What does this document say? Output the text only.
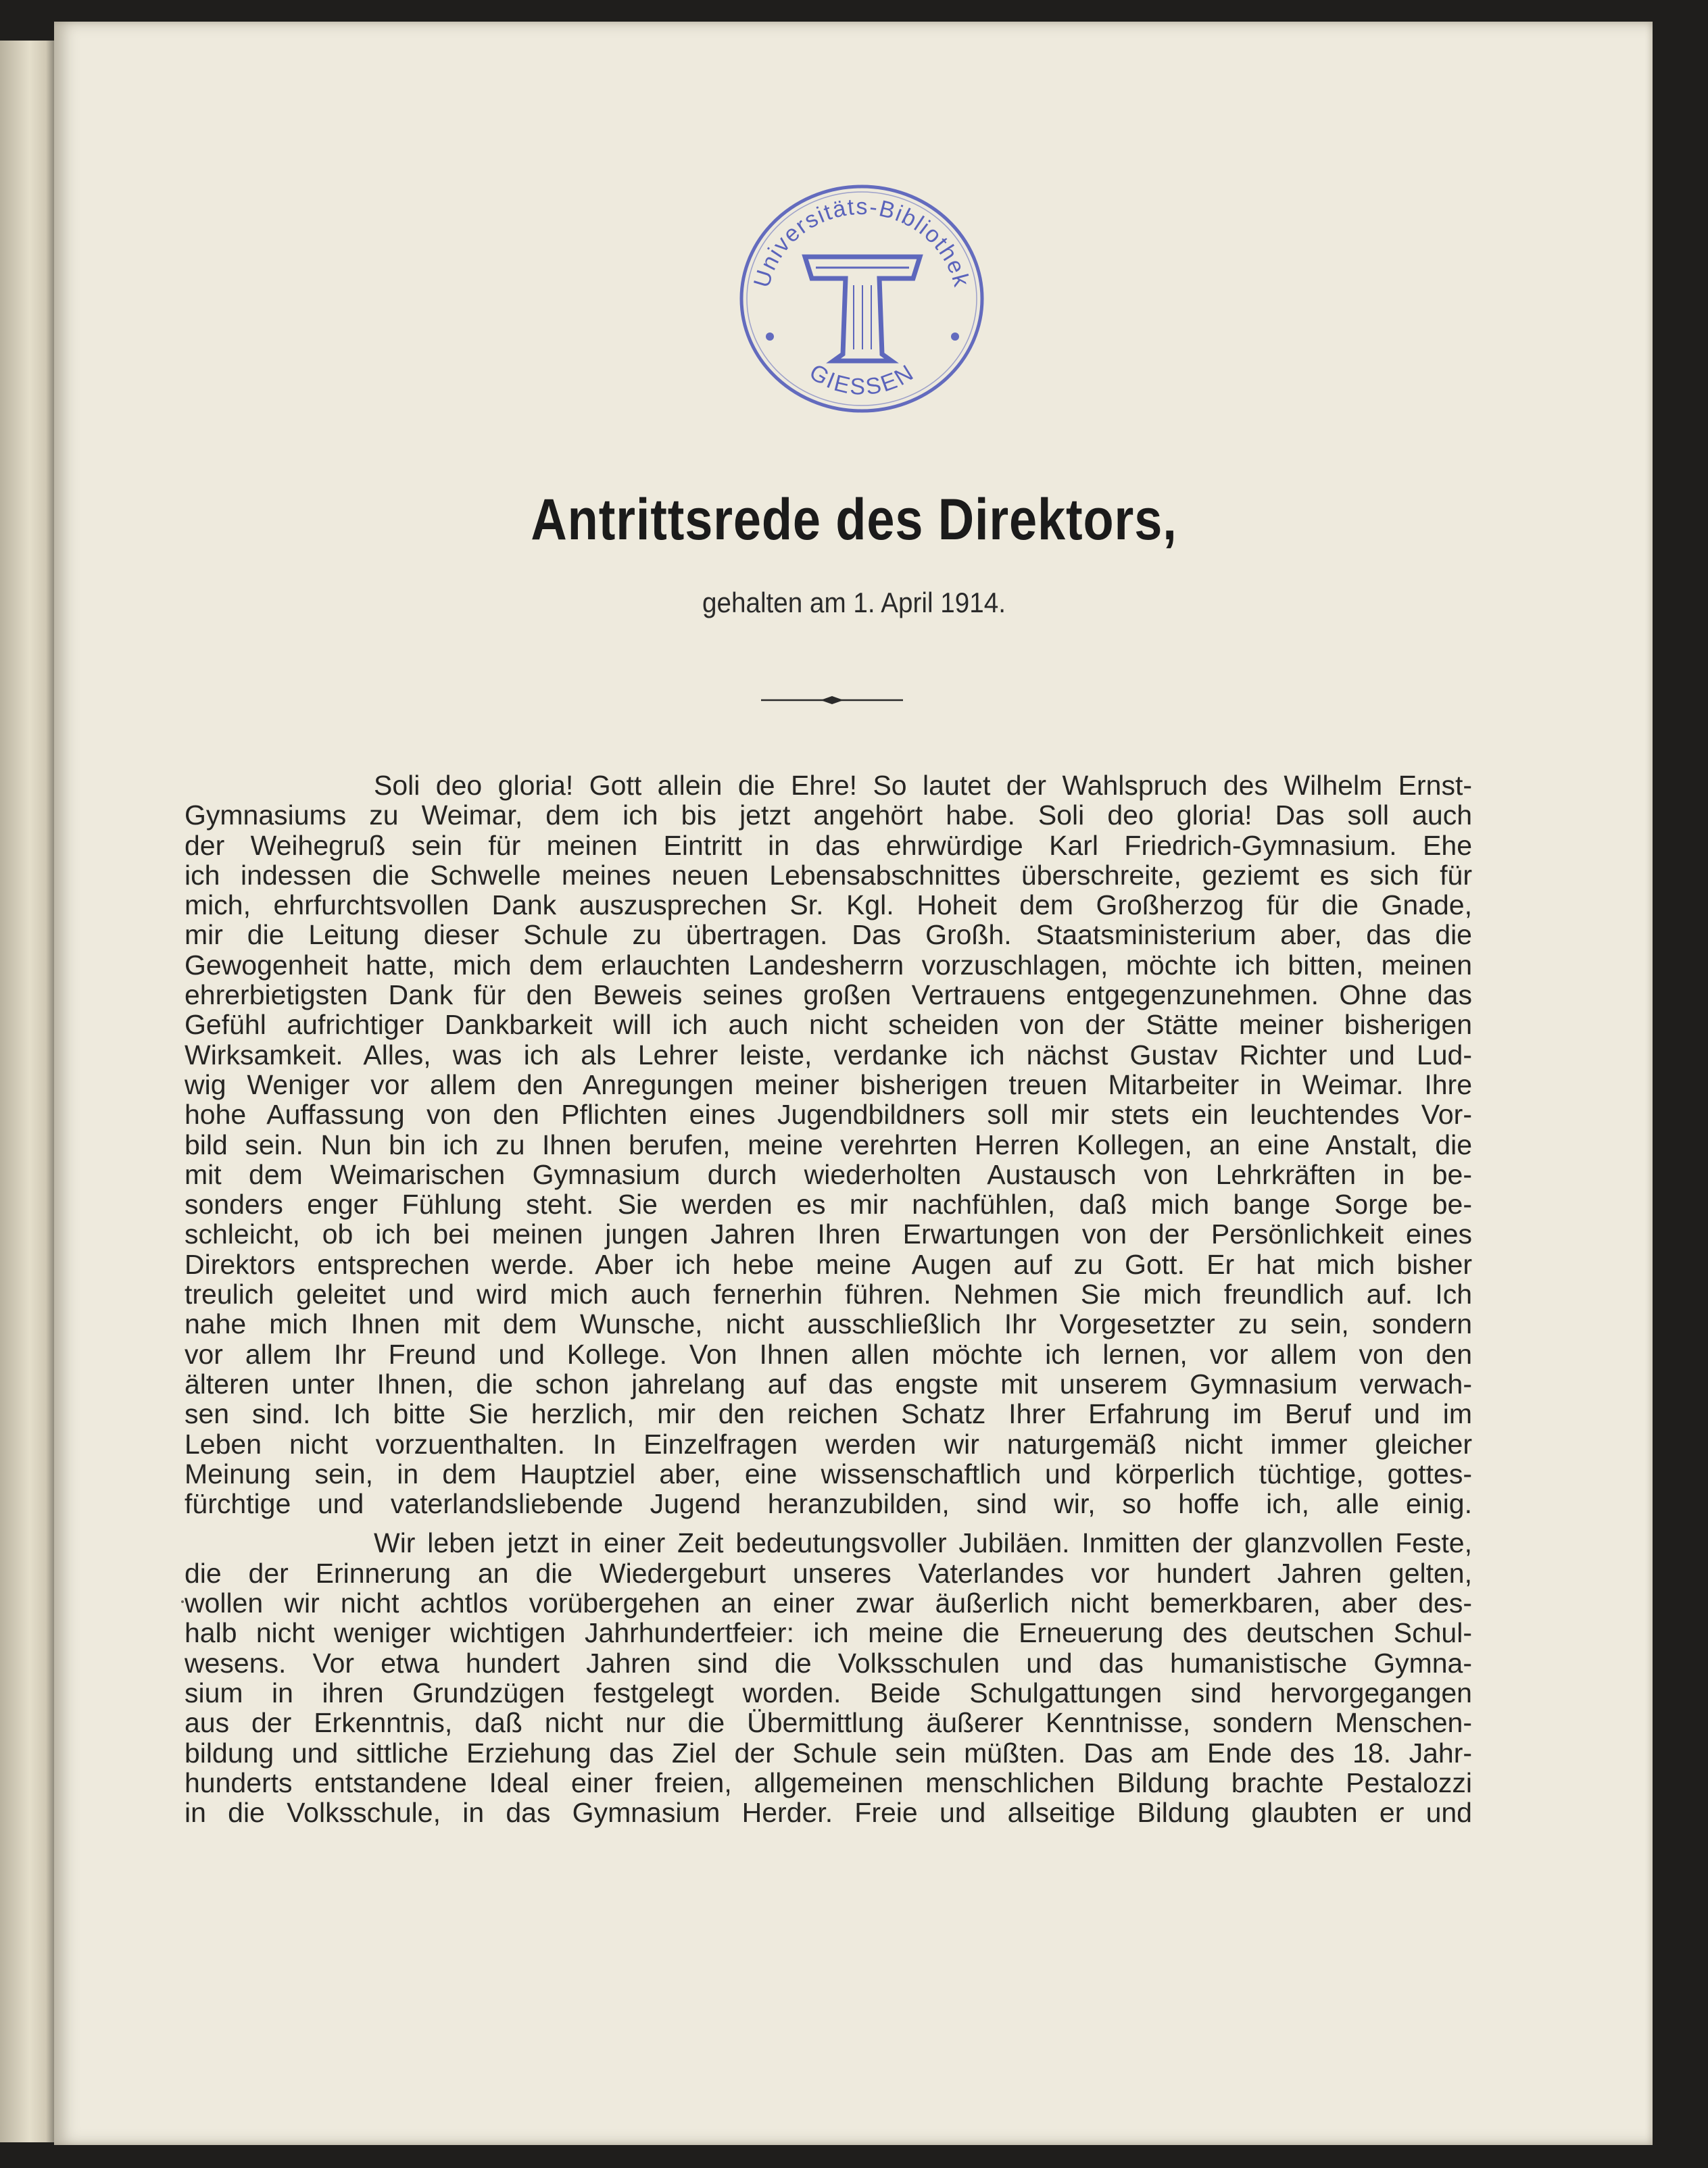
Universitäts-Bibliothek
GIESSEN
Antrittsrede des Direktors,
gehalten am 1. April 1914.
Soli deo gloria! Gott allein die Ehre! So lautet der Wahlspruch des Wilhelm Ernst-
Gymnasiums zu Weimar, dem ich bis jetzt angehört habe. Soli deo gloria! Das soll auch
der Weihegruß sein für meinen Eintritt in das ehrwürdige Karl Friedrich-Gymnasium. Ehe
ich indessen die Schwelle meines neuen Lebensabschnittes überschreite, geziemt es sich für
mich, ehrfurchtsvollen Dank auszusprechen Sr. Kgl. Hoheit dem Großherzog für die Gnade,
mir die Leitung dieser Schule zu übertragen. Das Großh. Staatsministerium aber, das die
Gewogenheit hatte, mich dem erlauchten Landesherrn vorzuschlagen, möchte ich bitten, meinen
ehrerbietigsten Dank für den Beweis seines großen Vertrauens entgegenzunehmen. Ohne das
Gefühl aufrichtiger Dankbarkeit will ich auch nicht scheiden von der Stätte meiner bisherigen
Wirksamkeit. Alles, was ich als Lehrer leiste, verdanke ich nächst Gustav Richter und Lud-
wig Weniger vor allem den Anregungen meiner bisherigen treuen Mitarbeiter in Weimar. Ihre
hohe Auffassung von den Pflichten eines Jugendbildners soll mir stets ein leuchtendes Vor-
bild sein. Nun bin ich zu Ihnen berufen, meine verehrten Herren Kollegen, an eine Anstalt, die
mit dem Weimarischen Gymnasium durch wiederholten Austausch von Lehrkräften in be-
sonders enger Fühlung steht. Sie werden es mir nachfühlen, daß mich bange Sorge be-
schleicht, ob ich bei meinen jungen Jahren Ihren Erwartungen von der Persönlichkeit eines
Direktors entsprechen werde. Aber ich hebe meine Augen auf zu Gott. Er hat mich bisher
treulich geleitet und wird mich auch fernerhin führen. Nehmen Sie mich freundlich auf. Ich
nahe mich Ihnen mit dem Wunsche, nicht ausschließlich Ihr Vorgesetzter zu sein, sondern
vor allem Ihr Freund und Kollege. Von Ihnen allen möchte ich lernen, vor allem von den
älteren unter Ihnen, die schon jahrelang auf das engste mit unserem Gymnasium verwach-
sen sind. Ich bitte Sie herzlich, mir den reichen Schatz Ihrer Erfahrung im Beruf und im
Leben nicht vorzuenthalten. In Einzelfragen werden wir naturgemäß nicht immer gleicher
Meinung sein, in dem Hauptziel aber, eine wissenschaftlich und körperlich tüchtige, gottes-
fürchtige und vaterlandsliebende Jugend heranzubilden, sind wir, so hoffe ich, alle einig.
Wir leben jetzt in einer Zeit bedeutungsvoller Jubiläen. Inmitten der glanzvollen Feste,
die der Erinnerung an die Wiedergeburt unseres Vaterlandes vor hundert Jahren gelten,
wollen wir nicht achtlos vorübergehen an einer zwar äußerlich nicht bemerkbaren, aber des-
halb nicht weniger wichtigen Jahrhundertfeier: ich meine die Erneuerung des deutschen Schul-
wesens. Vor etwa hundert Jahren sind die Volksschulen und das humanistische Gymna-
sium in ihren Grundzügen festgelegt worden. Beide Schulgattungen sind hervorgegangen
aus der Erkenntnis, daß nicht nur die Übermittlung äußerer Kenntnisse, sondern Menschen-
bildung und sittliche Erziehung das Ziel der Schule sein müßten. Das am Ende des 18. Jahr-
hunderts entstandene Ideal einer freien, allgemeinen menschlichen Bildung brachte Pestalozzi
in die Volksschule, in das Gymnasium Herder. Freie und allseitige Bildung glaubten er und
